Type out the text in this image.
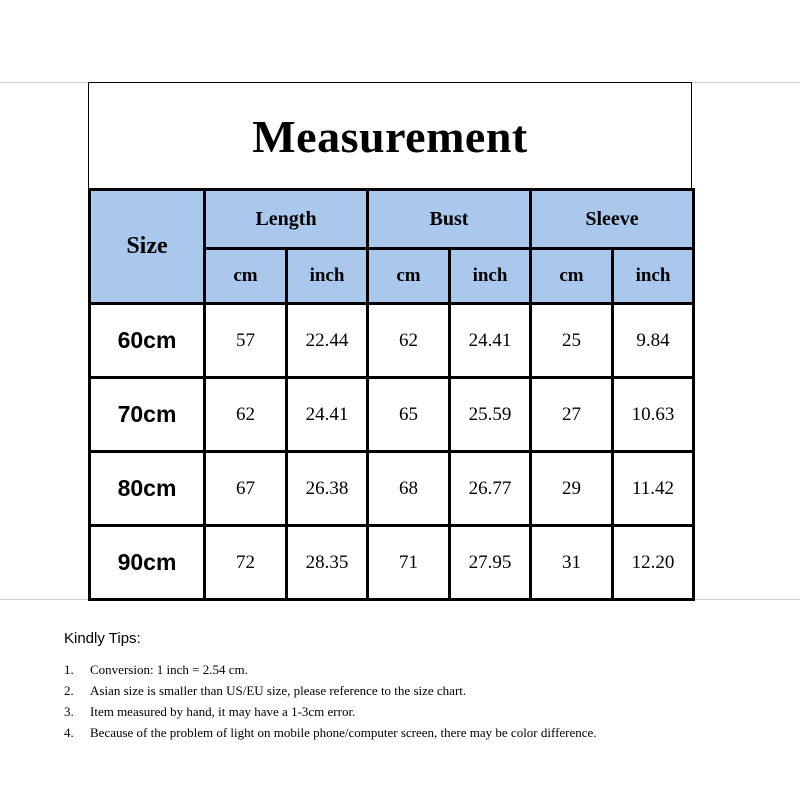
Measurement
Size	Length		Bust		Sleeve	
	cm	inch	cm	inch	cm	inch
60cm	57	22.44	62	24.41	25	9.84
70cm	62	24.41	65	25.59	27	10.63
80cm	67	26.38	68	26.77	29	11.42
90cm	72	28.35	71	27.95	31	12.20

Kindly Tips:

1.	Conversion: 1 inch = 2.54 cm.
2.	Asian size is smaller than US/EU size, please reference to the size chart.
3.	Item measured by hand, it may have a 1-3cm error.
4.	Because of the problem of light on mobile phone/computer screen, there may be color difference.
